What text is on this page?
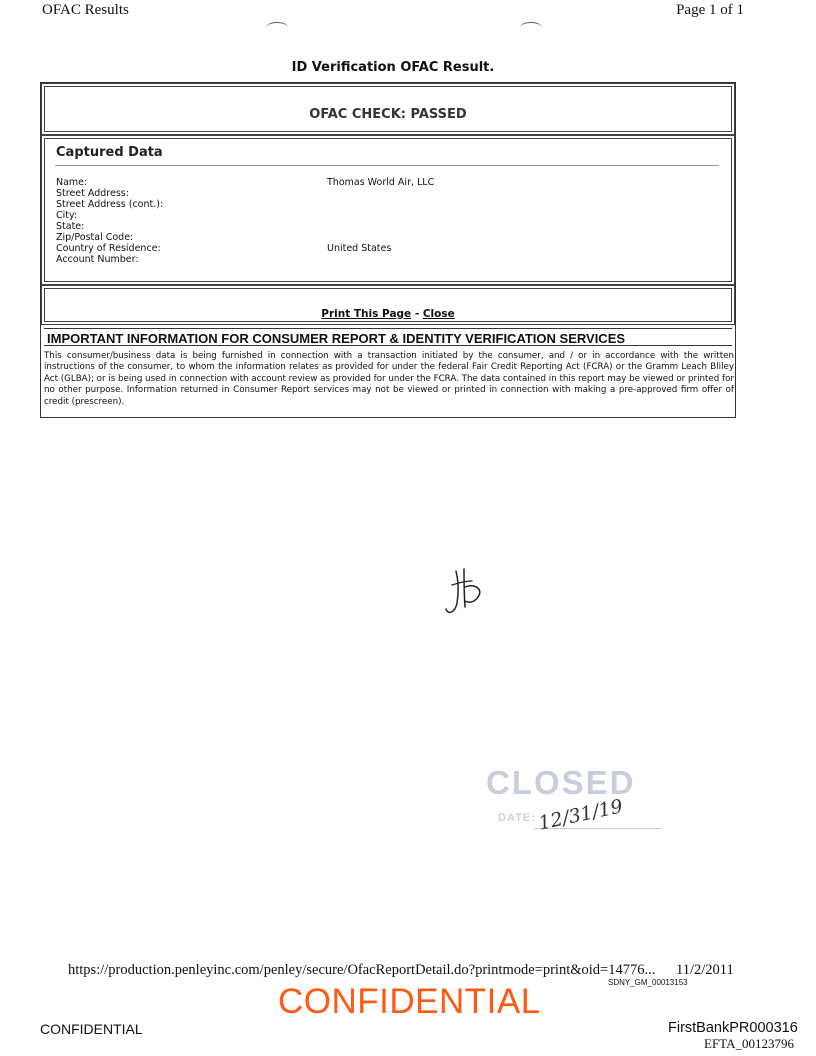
OFAC Results	Page 1 of 1
ID Verification OFAC Result.
OFAC CHECK: PASSED
Captured Data
Name:	Thomas World Air, LLC
Street Address:
Street Address (cont.):
City:
State:
Zip/Postal Code:
Country of Residence:	United States
Account Number:
Print This Page - Close
IMPORTANT INFORMATION FOR CONSUMER REPORT & IDENTITY VERIFICATION SERVICES
This consumer/business data is being furnished in connection with a transaction initiated by the consumer, and / or in accordance with the written instructions of the consumer, to whom the information relates as provided for under the federal Fair Credit Reporting Act (FCRA) or the Gramm Leach Bliley Act (GLBA); or is being used in connection with account review as provided for under the FCRA. The data contained in this report may be viewed or printed for no other purpose. Information returned in Consumer Report services may not be viewed or printed in connection with making a pre-approved firm offer of credit (prescreen).
CLOSED
DATE: 12/31/19
https://production.penleyinc.com/penley/secure/OfacReportDetail.do?printmode=print&oid=14776... 11/2/2011
SDNY_GM_00013153
CONFIDENTIAL
CONFIDENTIAL
FirstBankPR000316
EFTA_00123796
